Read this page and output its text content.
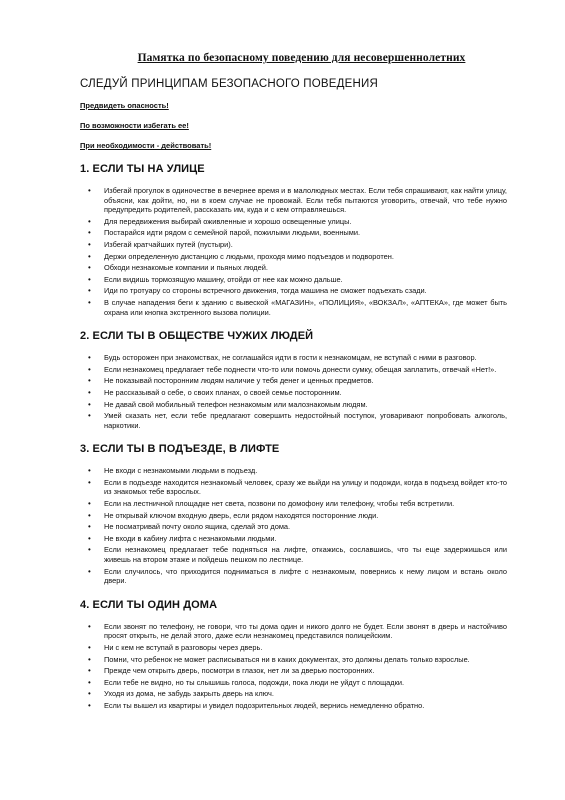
Памятка по безопасному поведению для несовершеннолетних
СЛЕДУЙ ПРИНЦИПАМ БЕЗОПАСНОГО ПОВЕДЕНИЯ
Предвидеть опасность!
По возможности избегать ее!
При необходимости - действовать!
1. ЕСЛИ ТЫ НА УЛИЦЕ
• Избегай прогулок в одиночестве в вечернее время и в малолюдных местах. Если тебя спрашивают, как найти улицу, объясни, как дойти, но, ни в коем случае не провожай. Если тебя пытаются уговорить, отвечай, что тебе нужно предупредить родителей, рассказать им, куда и с кем отправляешься.
• Для передвижения выбирай оживленные и хорошо освещенные улицы.
• Постарайся идти рядом с семейной парой, пожилыми людьми, военными.
• Избегай кратчайших путей (пустыри).
• Держи определенную дистанцию с людьми, проходя мимо подъездов и подворотен.
• Обходи незнакомые компании и пьяных людей.
• Если видишь тормозящую машину, отойди от нее как можно дальше.
• Иди по тротуару со стороны встречного движения, тогда машина не сможет подъехать сзади.
• В случае нападения беги к зданию с вывеской «МАГАЗИН», «ПОЛИЦИЯ», «ВОКЗАЛ», «АПТЕКА», где может быть охрана или кнопка экстренного вызова полиции.
2. ЕСЛИ ТЫ В ОБЩЕСТВЕ ЧУЖИХ ЛЮДЕЙ
• Будь осторожен при знакомствах, не соглашайся идти в гости к незнакомцам, не вступай с ними в разговор.
• Если незнакомец предлагает тебе поднести что-то или помочь донести сумку, обещая заплатить, отвечай «Нет!».
• Не показывай посторонним людям наличие у тебя денег и ценных предметов.
• Не рассказывай о себе, о своих планах, о своей семье посторонним.
• Не давай свой мобильный телефон незнакомым или малознакомым людям.
• Умей сказать нет, если тебе предлагают совершить недостойный поступок, уговаривают попробовать алкоголь, наркотики.
3. ЕСЛИ ТЫ В ПОДЪЕЗДЕ, В ЛИФТЕ
• Не входи с незнакомыми людьми в подъезд.
• Если в подъезде находится незнакомый человек, сразу же выйди на улицу и подожди, когда в подъезд войдет кто-то из знакомых тебе взрослых.
• Если на лестничной площадке нет света, позвони по домофону или телефону, чтобы тебя встретили.
• Не открывай ключом входную дверь, если рядом находятся посторонние люди.
• Не посматривай почту около ящика, сделай это дома.
• Не входи в кабину лифта с незнакомыми людьми.
• Если незнакомец предлагает тебе подняться на лифте, откажись, сославшись, что ты еще задержишься или живешь на втором этаже и пойдешь пешком по лестнице.
• Если случилось, что приходится подниматься в лифте с незнакомым, повернись к нему лицом и встань около двери.
4. ЕСЛИ ТЫ ОДИН ДОМА
• Если звонят по телефону, не говори, что ты дома один и никого долго не будет. Если звонят в дверь и настойчиво просят открыть, не делай этого, даже если незнакомец представился полицейским.
• Ни с кем не вступай в разговоры через дверь.
• Помни, что ребенок не может расписываться ни в каких документах, это должны делать только взрослые.
• Прежде чем открыть дверь, посмотри в глазок, нет ли за дверью посторонних.
• Если тебе не видно, но ты слышишь голоса, подожди, пока люди не уйдут с площадки.
• Уходя из дома, не забудь закрыть дверь на ключ.
• Если ты вышел из квартиры и увидел подозрительных людей, вернись немедленно обратно.
